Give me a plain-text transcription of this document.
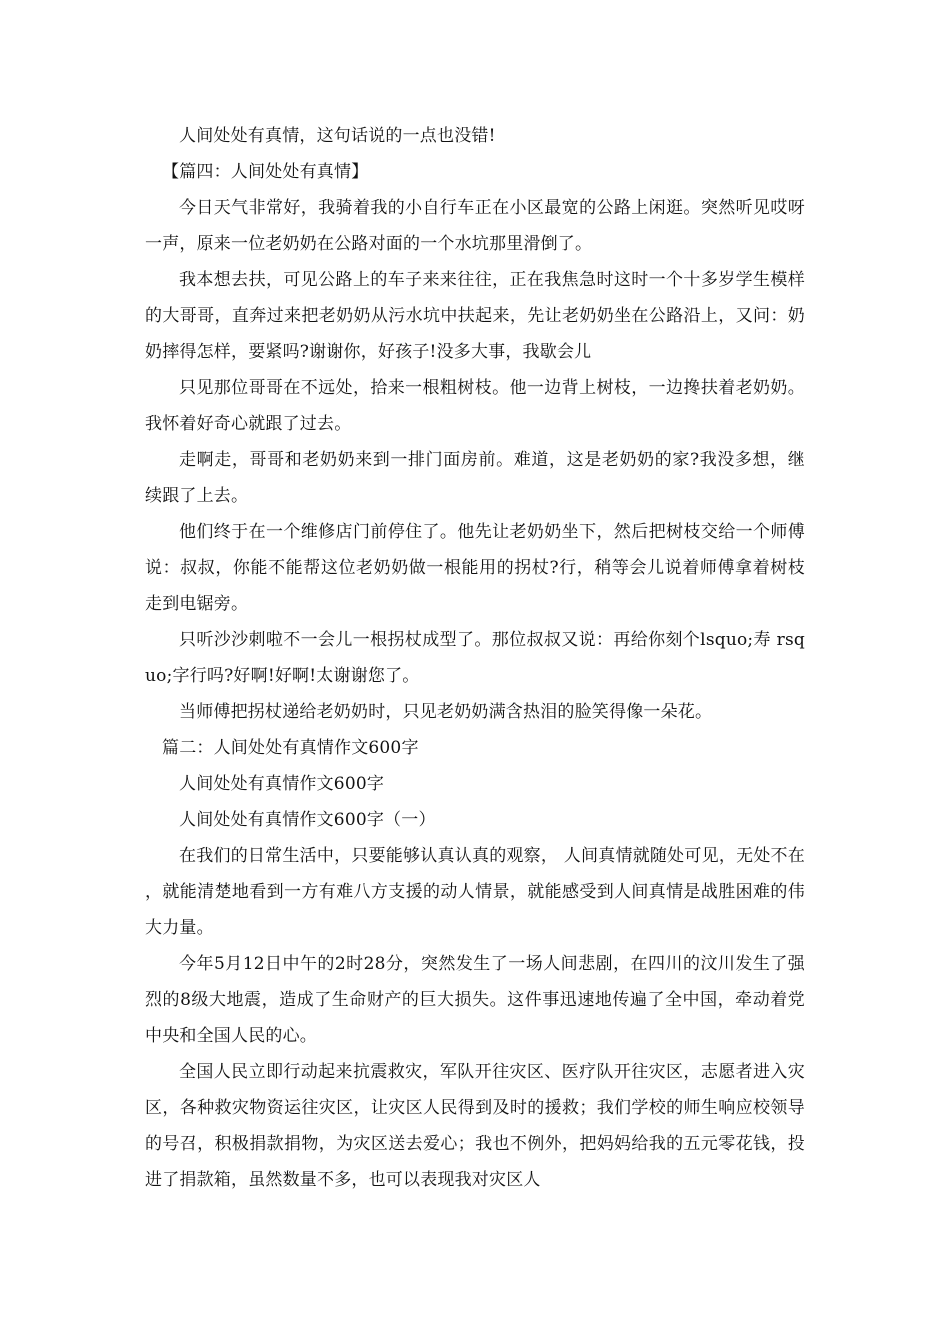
人间处处有真情，这句话说的一点也没错!

【篇四：人间处处有真情】

今日天气非常好，我骑着我的小自行车正在小区最宽的公路上闲逛。突然听见哎呀一声，原来一位老奶奶在公路对面的一个水坑那里滑倒了。

我本想去扶，可见公路上的车子来来往往，正在我焦急时这时一个十多岁学生模样的大哥哥，直奔过来把老奶奶从污水坑中扶起来，先让老奶奶坐在公路沿上，又问：奶奶摔得怎样，要紧吗?谢谢你，好孩子!没多大事，我歇会儿

只见那位哥哥在不远处，拾来一根粗树枝。他一边背上树枝，一边搀扶着老奶奶。我怀着好奇心就跟了过去。

走啊走，哥哥和老奶奶来到一排门面房前。难道，这是老奶奶的家?我没多想，继续跟了上去。

他们终于在一个维修店门前停住了。他先让老奶奶坐下，然后把树枝交给一个师傅说：叔叔，你能不能帮这位老奶奶做一根能用的拐杖?行，稍等会儿说着师傅拿着树枝走到电锯旁。

只听沙沙刺啦不一会儿一根拐杖成型了。那位叔叔又说：再给你刻个lsquo;寿 rsquo;字行吗?好啊!好啊!太谢谢您了。

当师傅把拐杖递给老奶奶时，只见老奶奶满含热泪的脸笑得像一朵花。

篇二：人间处处有真情作文600字

人间处处有真情作文600字

人间处处有真情作文600字（一）

在我们的日常生活中，只要能够认真认真的观察， 人间真情就随处可见，无处不在，就能清楚地看到一方有难八方支援的动人情景，就能感受到人间真情是战胜困难的伟大力量。

今年5月12日中午的2时28分，突然发生了一场人间悲剧，在四川的汶川发生了强烈的8级大地震，造成了生命财产的巨大损失。这件事迅速地传遍了全中国，牵动着党中央和全国人民的心。

全国人民立即行动起来抗震救灾，军队开往灾区、医疗队开往灾区，志愿者进入灾区，各种救灾物资运往灾区，让灾区人民得到及时的援救；我们学校的师生响应校领导的号召，积极捐款捐物，为灾区送去爱心；我也不例外，把妈妈给我的五元零花钱，投进了捐款箱，虽然数量不多，也可以表现我对灾区人
